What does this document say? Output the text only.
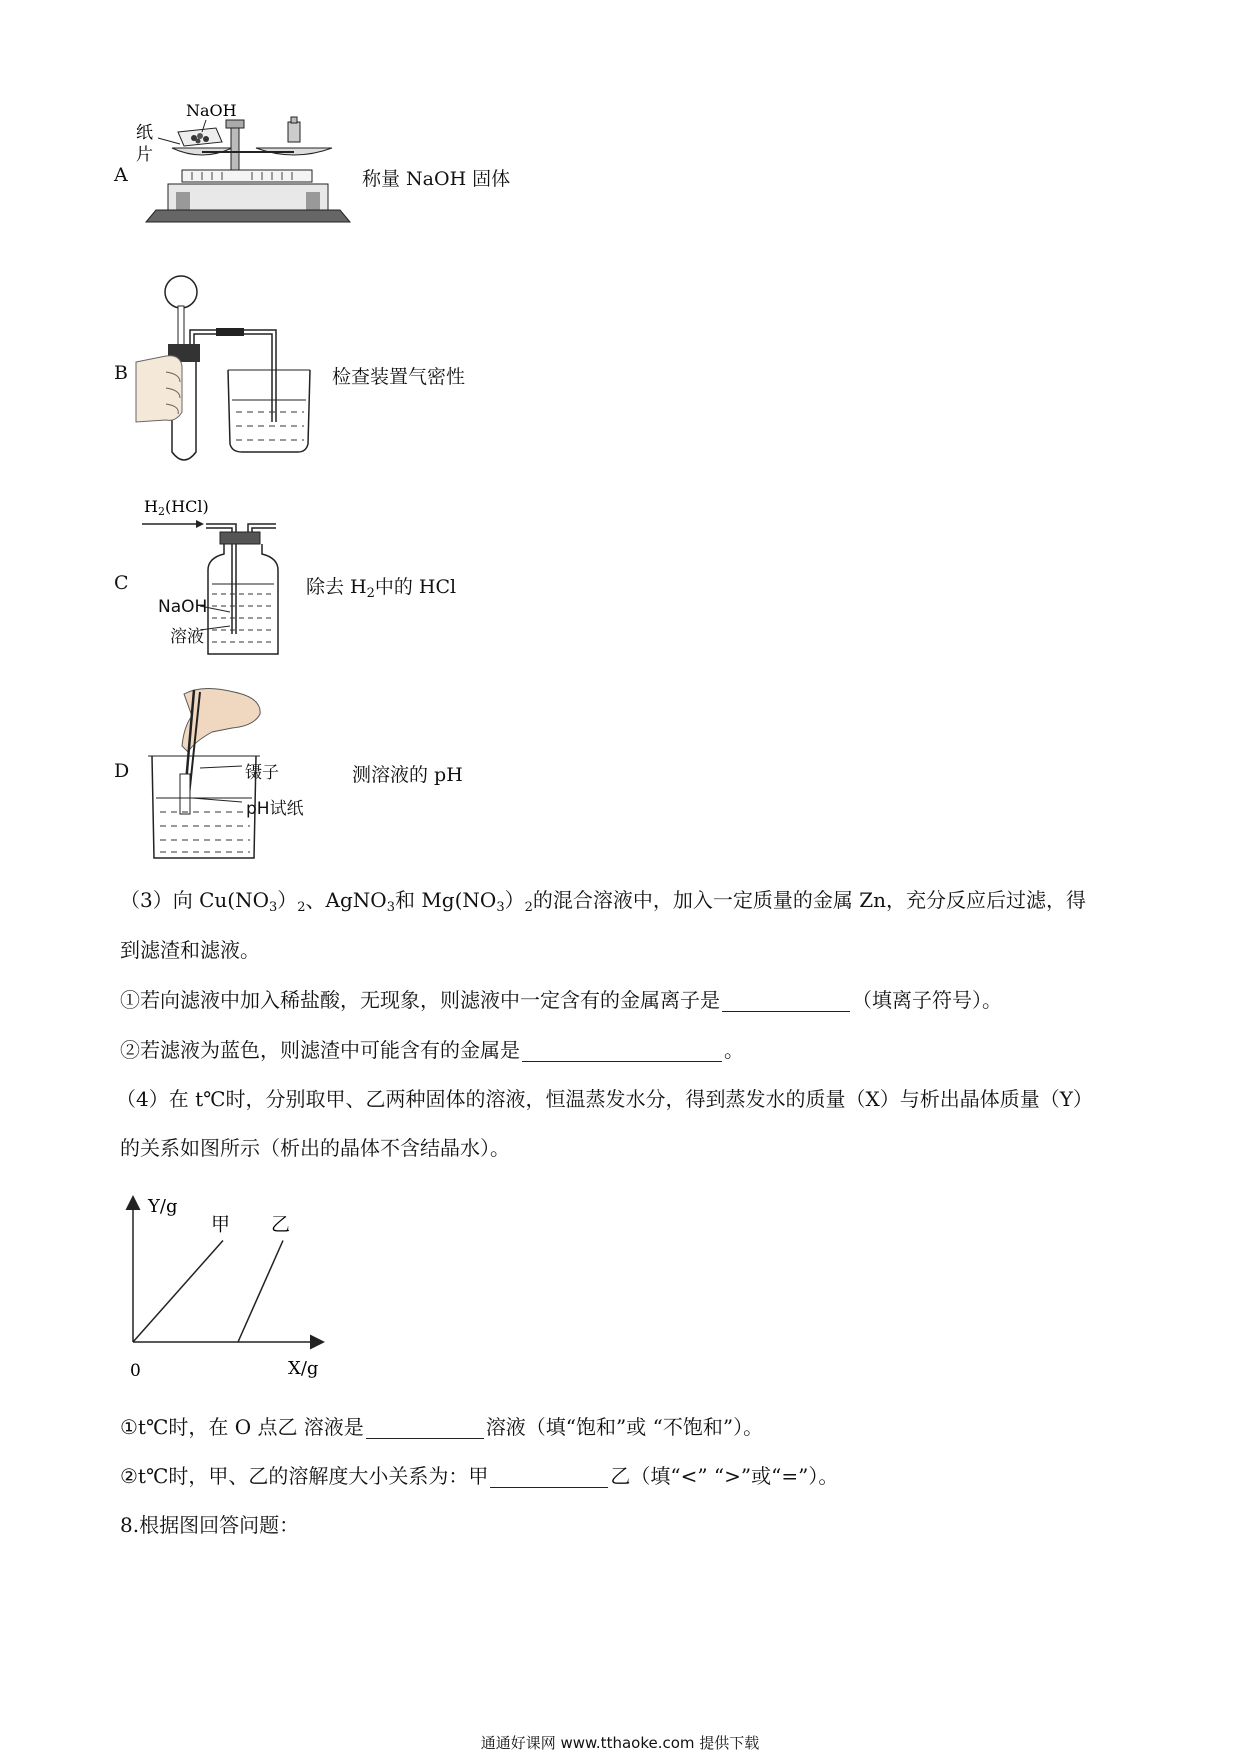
A
NaOH
纸
片
称量 NaOH 固体
B	检查装置气密性
C
H2(HCl)
NaOH
溶液
除去 $H_2$中的 HCl
D	镊子
pH试纸
测溶液的 pH
（3）向 $Cu(NO_3)_2$、AgNO$_3$和 $Mg(NO_3)_2$的混合溶液中，加入一定质量的金属 Zn，充分反应后过滤，得
到滤渣和滤液。
①若向滤液中加入稀盐酸，无现象，则滤液中一定含有的金属离子是	（填离子符号）。
②若滤液为蓝色，则滤渣中可能含有的金属是	。
（4）在 t℃时，分别取甲、乙两种固体的溶液，恒温蒸发水分，得到蒸发水的质量（X）与析出晶体质量（Y）
的关系如图所示（析出的晶体不含结晶水）。
Y/g
X/g
0
甲 乙
①t℃时，在 O 点乙 溶液是	溶液（填“饱和”或 “不饱和”）。
②t℃时，甲、乙的溶解度大小关系为：甲	乙（填“<” “>”或“=”）。
8.根据图回答问题：
通通好课网 www.tthaoke.com 提供下载
